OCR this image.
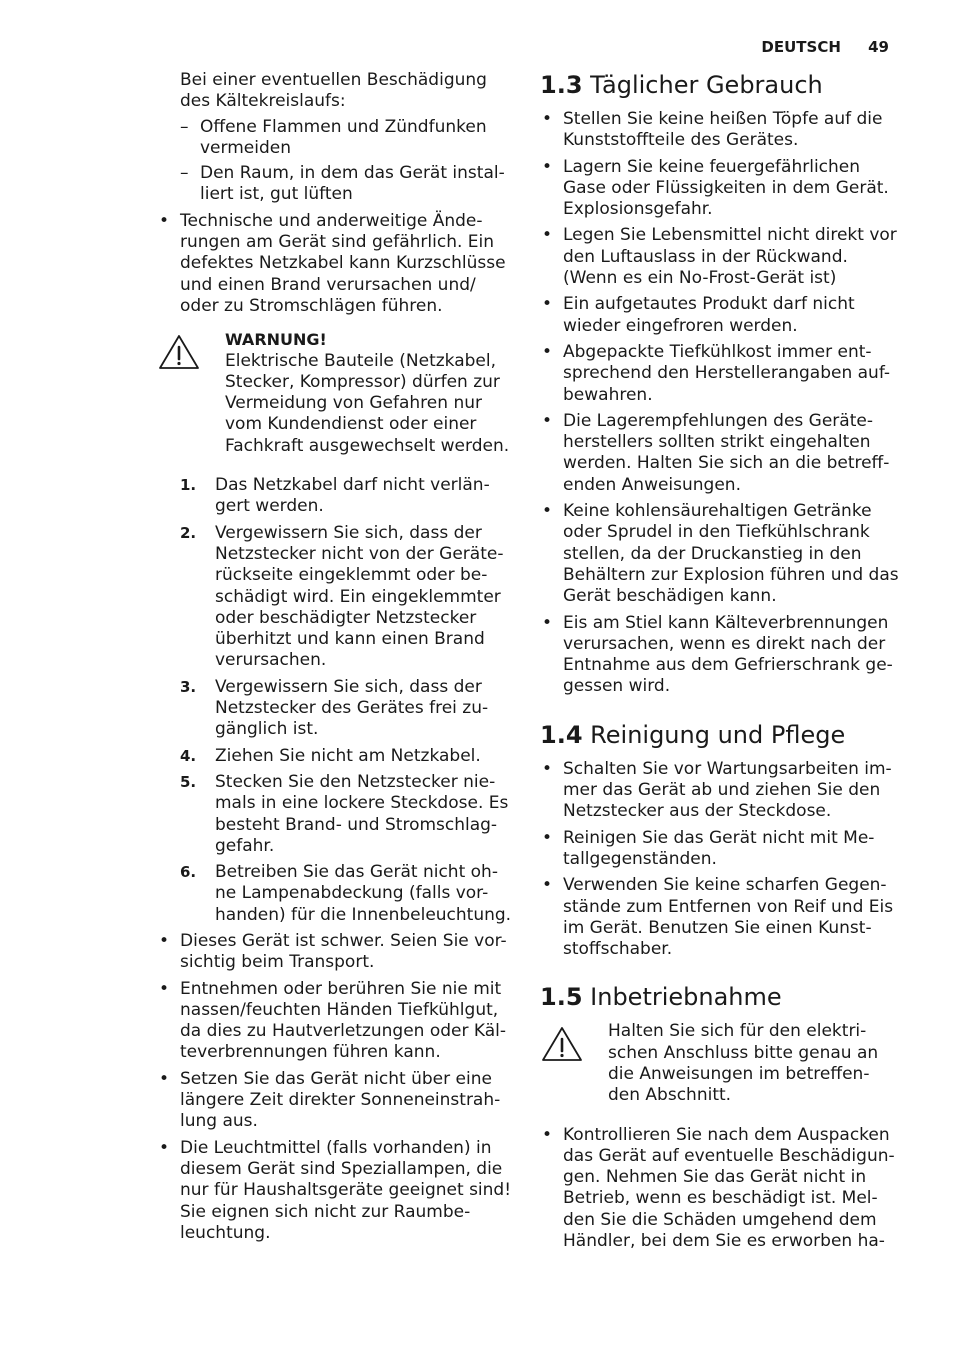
DEUTSCH 49

Bei einer eventuellen Beschädigung des Kältekreislaufs:

– Offene Flammen und Zündfunken vermeiden
– Den Raum, in dem das Gerät instal-liert ist, gut lüften
• Technische und anderweitige Ände-rungen am Gerät sind gefährlich. Ein defektes Netzkabel kann Kurzschlüsse und einen Brand verursachen und/ oder zu Stromschlägen führen.
WARNUNG!
Elektrische Bauteile (Netzkabel, Stecker, Kompressor) dürfen zur Vermeidung von Gefahren nur vom Kundendienst oder einer Fachkraft ausgewechselt werden.
1.	Das Netzkabel darf nicht verlän-gert werden.
2.	Vergewissern Sie sich, dass der Netzstecker nicht von der Geräte-rückseite eingeklemmt oder be-schädigt wird. Ein eingeklemmter oder beschädigter Netzstecker überhitzt und kann einen Brand verursachen.
3.	Vergewissern Sie sich, dass der Netzstecker des Gerätes frei zu-gänglich ist.
4.	Ziehen Sie nicht am Netzkabel.
5.	Stecken Sie den Netzstecker nie-mals in eine lockere Steckdose. Es besteht Brand- und Stromschlag-gefahr.
6.	Betreiben Sie das Gerät nicht oh-ne Lampenabdeckung (falls vor-handen) für die Innenbeleuchtung.
• Dieses Gerät ist schwer. Seien Sie vor-sichtig beim Transport.
• Entnehmen oder berühren Sie nie mit nassen/feuchten Händen Tiefkühlgut, da dies zu Hautverletzungen oder Käl-teverbrennungen führen kann.
• Setzen Sie das Gerät nicht über eine längere Zeit direkter Sonneneinstrah-lung aus.
• Die Leuchtmittel (falls vorhanden) in diesem Gerät sind Speziallampen, die nur für Haushaltsgeräte geeignet sind! Sie eignen sich nicht zur Raumbe-leuchtung.
1.3 Täglicher Gebrauch
• Stellen Sie keine heißen Töpfe auf die Kunststoffteile des Gerätes.
• Lagern Sie keine feuergefährlichen Gase oder Flüssigkeiten in dem Gerät. Explosionsgefahr.
• Legen Sie Lebensmittel nicht direkt vor den Luftauslass in der Rückwand. (Wenn es ein No-Frost-Gerät ist)
• Ein aufgetautes Produkt darf nicht wieder eingefroren werden.
• Abgepackte Tiefkühlkost immer ent-sprechend den Herstellerangaben auf-bewahren.
• Die Lagerempfehlungen des Geräte-herstellers sollten strikt eingehalten werden. Halten Sie sich an die betreff-enden Anweisungen.
• Keine kohlensäurehaltigen Getränke oder Sprudel in den Tiefkühlschrank stellen, da der Druckanstieg in den Behältern zur Explosion führen und das Gerät beschädigen kann.
• Eis am Stiel kann Kälteverbrennungen verursachen, wenn es direkt nach der Entnahme aus dem Gefrierschrank ge-gessen wird.
1.4 Reinigung und Pflege
• Schalten Sie vor Wartungsarbeiten im-mer das Gerät ab und ziehen Sie den Netzstecker aus der Steckdose.
• Reinigen Sie das Gerät nicht mit Me-tallgegenständen.
• Verwenden Sie keine scharfen Gegen-stände zum Entfernen von Reif und Eis im Gerät. Benutzen Sie einen Kunst-stoffschaber.
1.5 Inbetriebnahme
Halten Sie sich für den elektri-schen Anschluss bitte genau an die Anweisungen im betreffen-den Abschnitt.
• Kontrollieren Sie nach dem Auspacken das Gerät auf eventuelle Beschädigun-gen. Nehmen Sie das Gerät nicht in Betrieb, wenn es beschädigt ist. Mel-den Sie die Schäden umgehend dem Händler, bei dem Sie es erworben ha-
